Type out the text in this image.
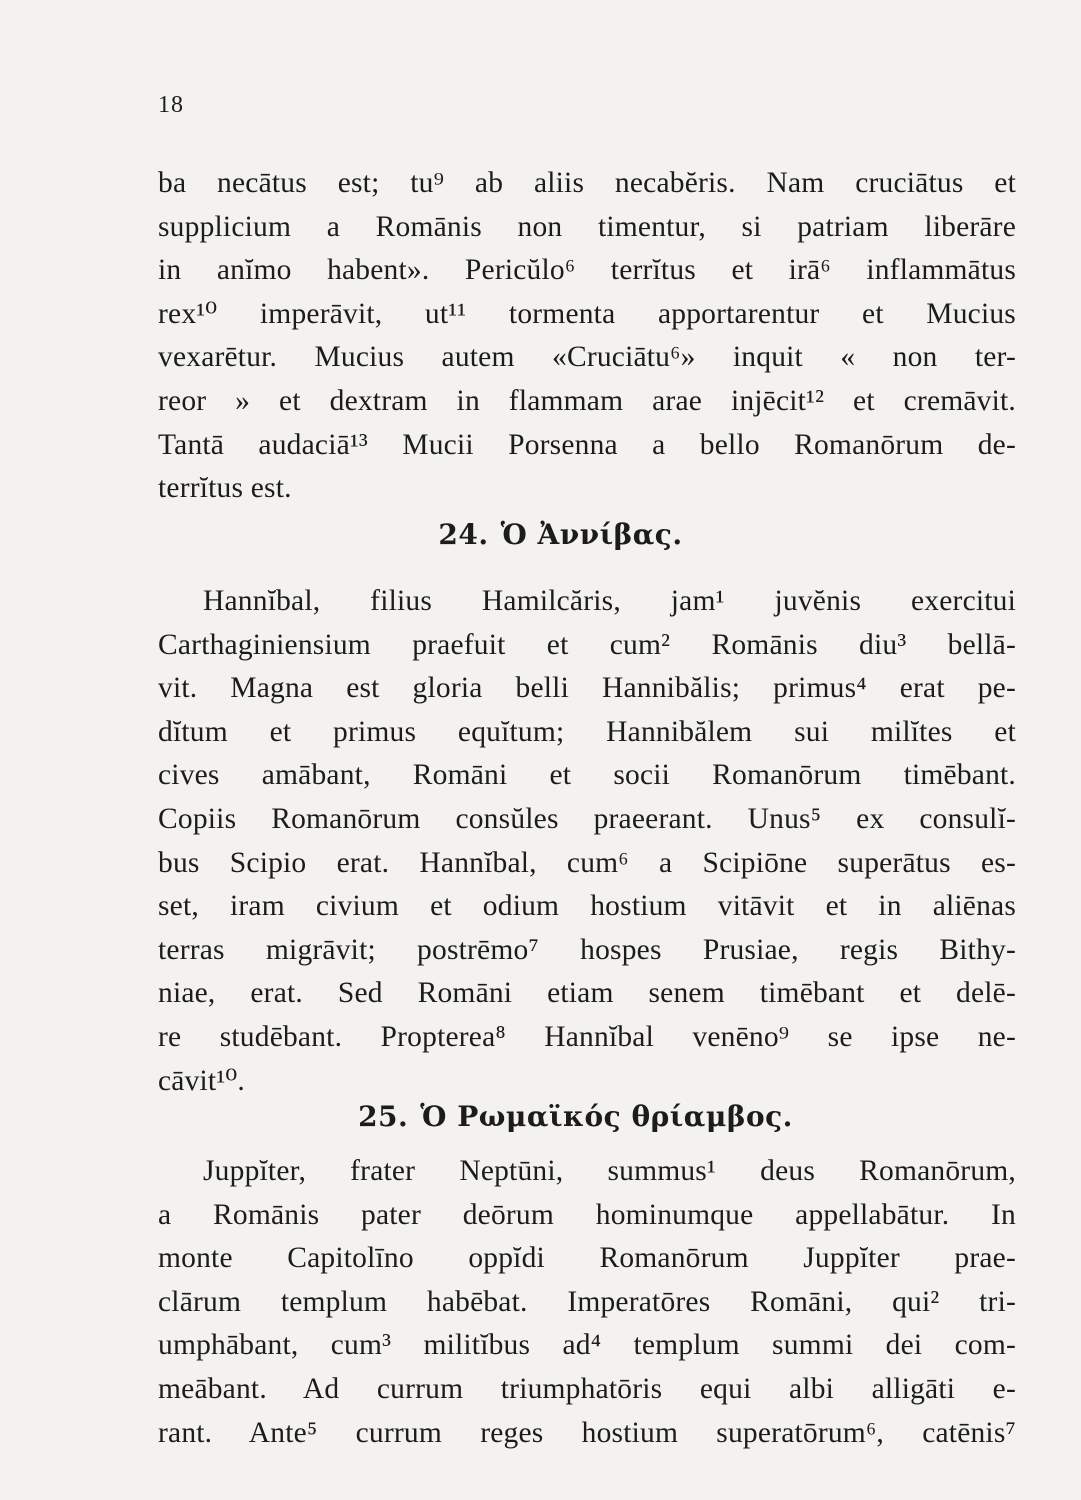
18
ba necātus est; tu⁹ ab aliis necabĕris. Nam cruciātus et
supplicium a Romānis non timentur, si patriam liberāre
in anĭmo habent». Pericŭlo⁶ terrĭtus et irā⁶ inflammātus
rex¹⁰ imperāvit, ut¹¹ tormenta apportarentur et Mucius
vexarētur. Mucius autem «Cruciātu⁶» inquit « non ter-
reor » et dextram in flammam arae injēcit¹² et cremāvit.
Tantā audaciā¹³ Mucii Porsenna a bello Romanōrum de-
terrĭtus est.
24. Ὁ Ἀννίβας.
Hannĭbal, filius Hamilcăris, jam¹ juvĕnis exercitui
Carthaginiensium praefuit et cum² Romānis diu³ bellā-
vit. Magna est gloria belli Hannibălis; primus⁴ erat pe-
dĭtum et primus equĭtum; Hannibălem sui milĭtes et
cives amābant, Romāni et socii Romanōrum timēbant.
Copiis Romanōrum consŭles praeerant. Unus⁵ ex consulĭ-
bus Scipio erat. Hannĭbal, cum⁶ a Scipiōne superātus es-
set, iram civium et odium hostium vitāvit et in aliēnas
terras migrāvit; postrēmo⁷ hospes Prusiae, regis Bithy-
niae, erat. Sed Romāni etiam senem timēbant et delē-
re studēbant. Propterea⁸ Hannĭbal venēno⁹ se ipse ne-
cāvit¹⁰.
25. Ὁ Ρωμαϊκός θρίαμβος.
Juppĭter, frater Neptūni, summus¹ deus Romanōrum,
a Romānis pater deōrum hominumque appellabātur. In
monte Capitolīno oppĭdi Romanōrum Juppĭter prae-
clārum templum habēbat. Imperatōres Romāni, qui² tri-
umphābant, cum³ militĭbus ad⁴ templum summi dei com-
meābant. Ad currum triumphatōris equi albi alligāti e-
rant. Ante⁵ currum reges hostium superatōrum⁶, catēnis⁷
